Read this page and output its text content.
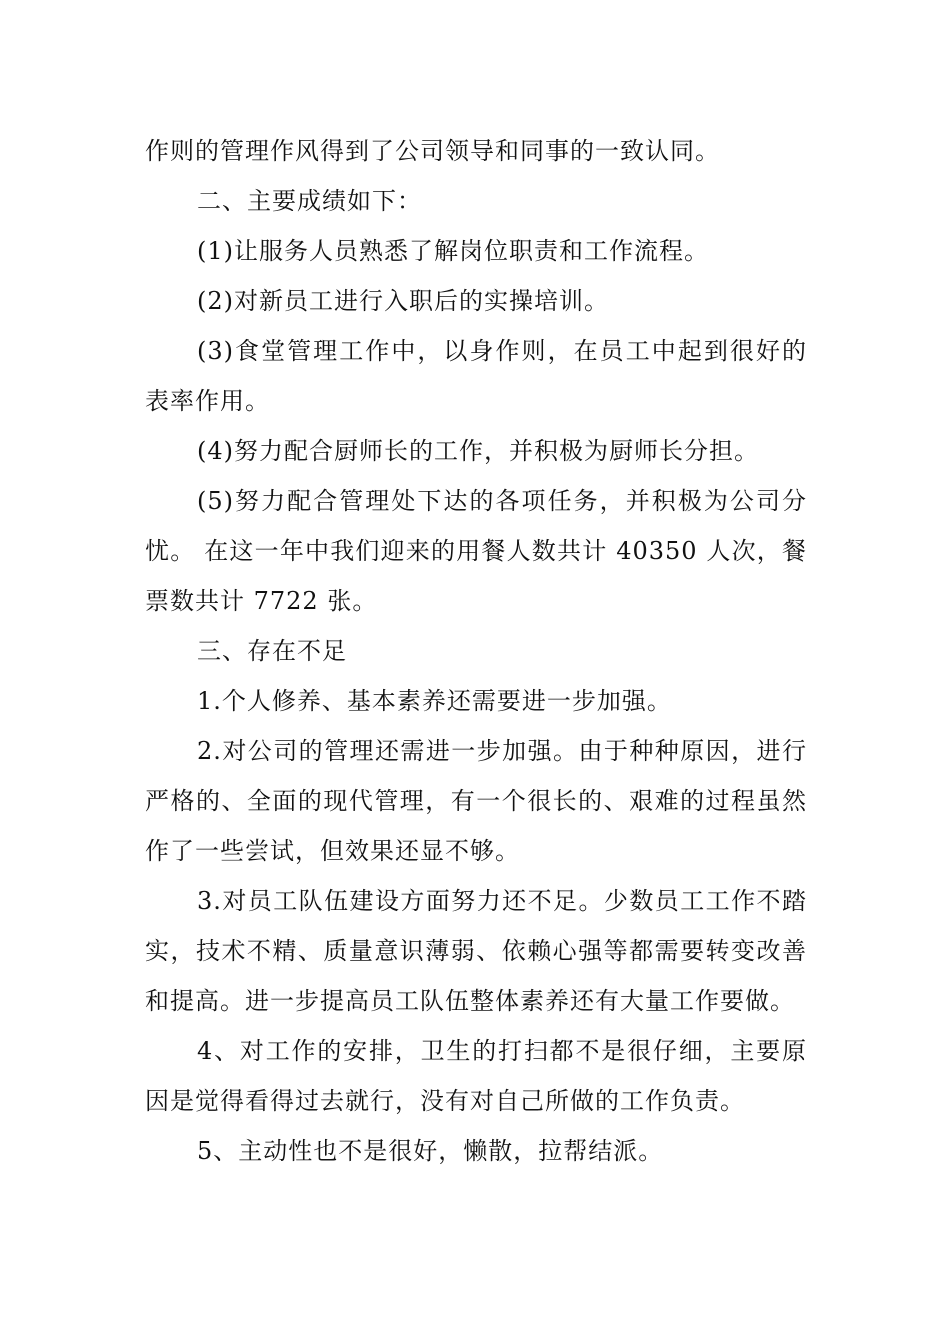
作则的管理作风得到了公司领导和同事的一致认同。

二、主要成绩如下：

(1)让服务人员熟悉了解岗位职责和工作流程。

(2)对新员工进行入职后的实操培训。

(3)食堂管理工作中，以身作则，在员工中起到很好的表率作用。

(4)努力配合厨师长的工作，并积极为厨师长分担。

(5)努力配合管理处下达的各项任务，并积极为公司分忧。 在这一年中我们迎来的用餐人数共计 40350 人次，餐票数共计 7722 张。

三、存在不足

1.个人修养、基本素养还需要进一步加强。

2.对公司的管理还需进一步加强。由于种种原因，进行严格的、全面的现代管理，有一个很长的、艰难的过程虽然作了一些尝试，但效果还显不够。

3.对员工队伍建设方面努力还不足。少数员工工作不踏实，技术不精、质量意识薄弱、依赖心强等都需要转变改善和提高。进一步提高员工队伍整体素养还有大量工作要做。

4、对工作的安排，卫生的打扫都不是很仔细，主要原因是觉得看得过去就行，没有对自己所做的工作负责。

5、主动性也不是很好，懒散，拉帮结派。
